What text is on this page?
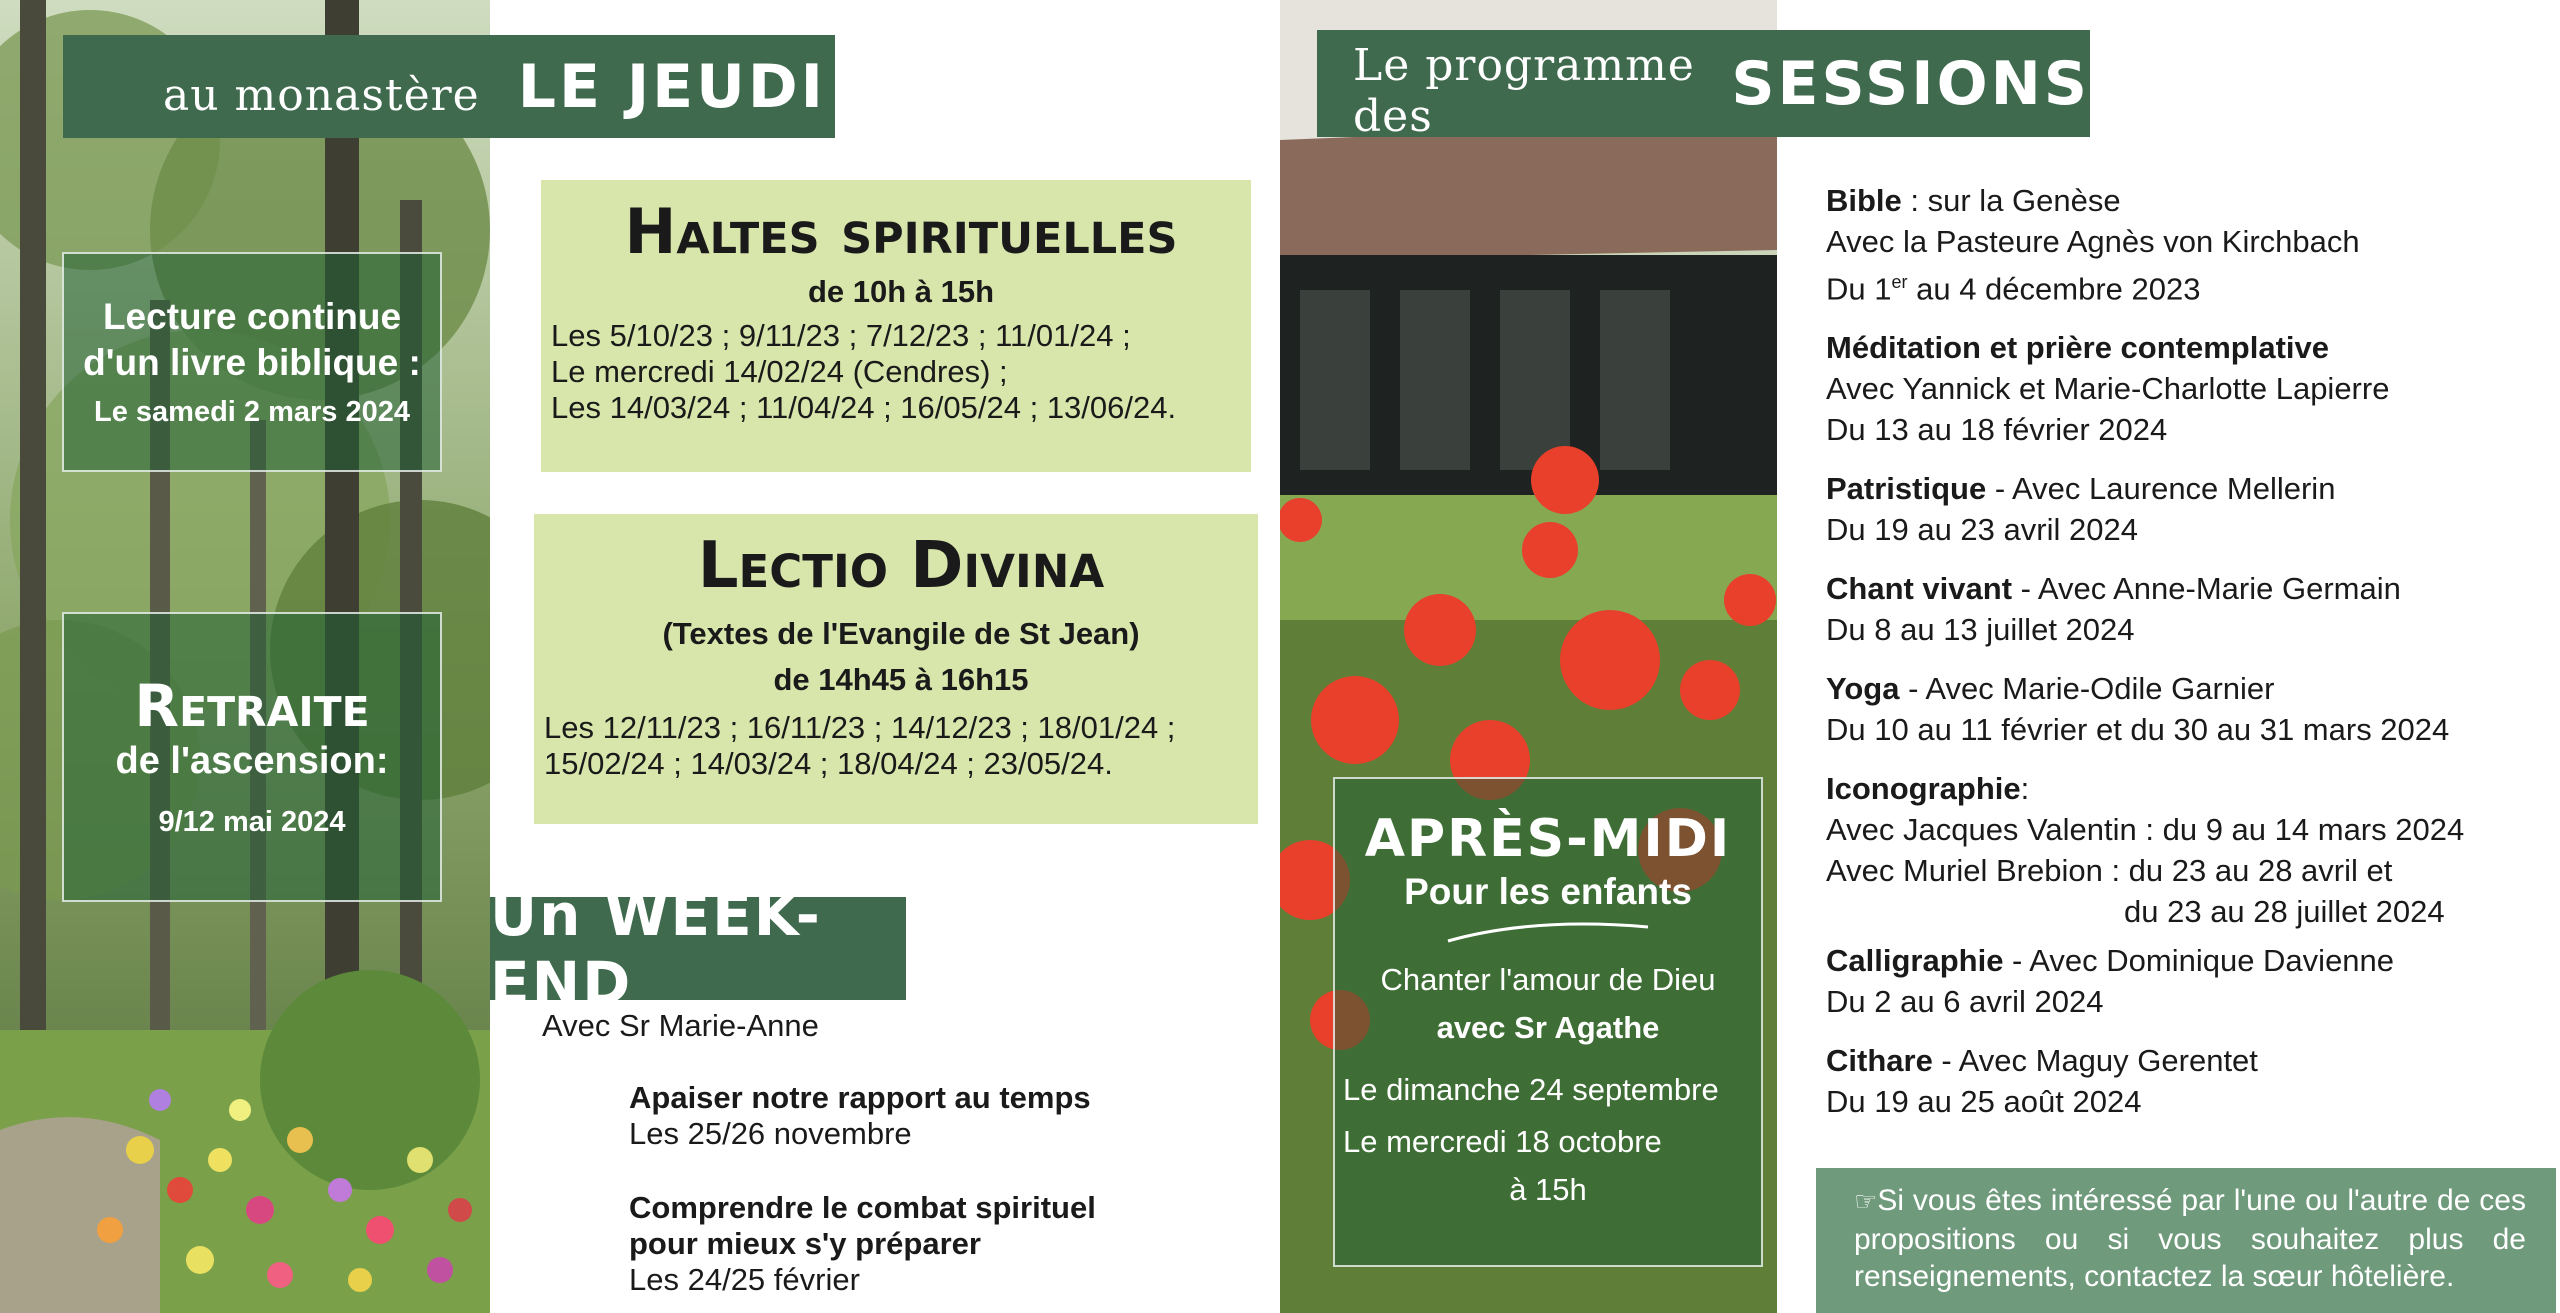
au monastère LE JEUDI
Lecture continue
d'un livre biblique :
Le samedi 2 mars 2024
Retraite
de l'ascension:
9/12 mai 2024
Haltes spirituelles
de 10h à 15h
Les 5/10/23 ; 9/11/23 ; 7/12/23 ; 11/01/24 ;
Le mercredi 14/02/24 (Cendres) ;
Les 14/03/24 ; 11/04/24 ; 16/05/24 ; 13/06/24.
Lectio Divina
(Textes de l'Evangile de St Jean)
de 14h45 à 16h15
Les 12/11/23 ; 16/11/23 ; 14/12/23 ; 18/01/24 ;
15/02/24 ; 14/03/24 ; 18/04/24 ; 23/05/24.
Un WEEK-END
Avec Sr Marie-Anne
Apaiser notre rapport au temps
Les 25/26 novembre
Comprendre le combat spirituel
pour mieux s'y préparer
Les 24/25 février
Le programme des	SESSIONS
APRÈS-MIDI
Pour les enfants
Chanter l'amour de Dieu
avec Sr Agathe
Le dimanche 24 septembre
Le mercredi 18 octobre
à 15h
Bible : sur la Genèse
Avec la Pasteure Agnès von Kirchbach
Du 1er au 4 décembre 2023
Méditation et prière contemplative
Avec Yannick et Marie-Charlotte Lapierre
Du 13 au 18 février 2024
Patristique - Avec Laurence Mellerin
Du 19 au 23 avril 2024
Chant vivant - Avec Anne-Marie Germain
Du 8 au 13 juillet 2024
Yoga - Avec Marie-Odile Garnier
Du 10 au 11 février et du 30 au 31 mars 2024
Iconographie:
Avec Jacques Valentin : du 9 au 14 mars 2024
Avec Muriel Brebion : du 23 au 28 avril et
du 23 au 28 juillet 2024
Calligraphie - Avec Dominique Davienne
Du 2 au 6 avril 2024
Cithare - Avec Maguy Gerentet
Du 19 au 25 août 2024
☞Si vous êtes intéressé par l'une ou l'autre de ces propositions ou si vous souhaitez plus de renseignements, contactez la sœur hôtelière.
